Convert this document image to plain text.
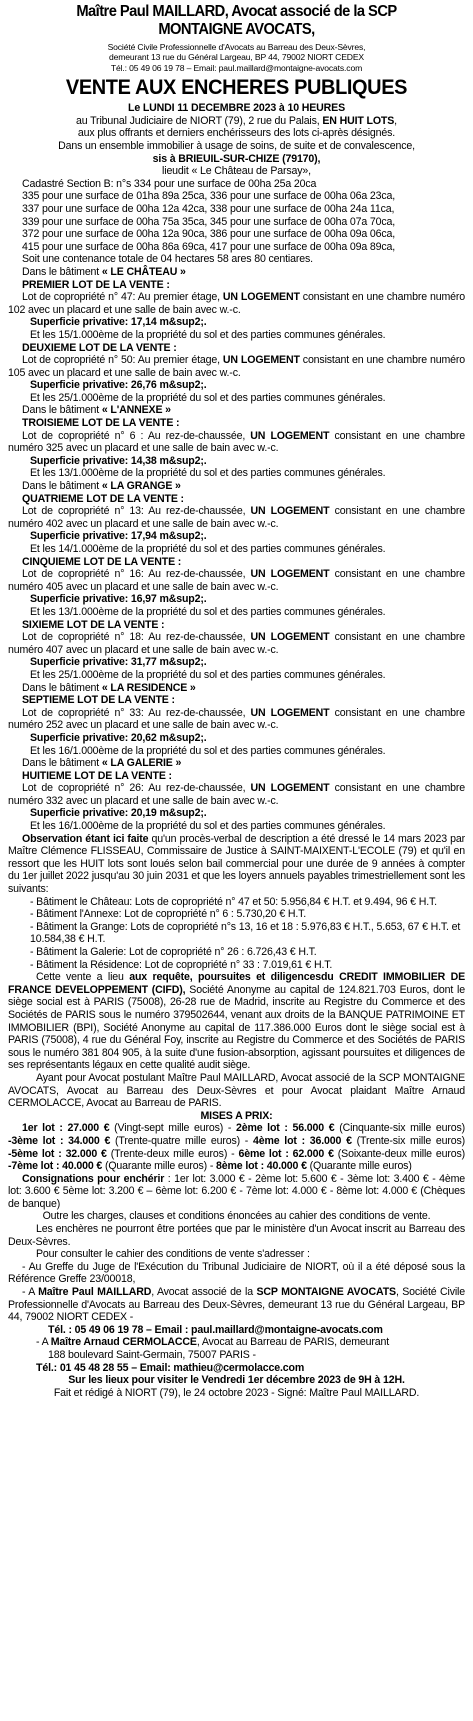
Maître Paul MAILLARD, Avocat associé de la SCP
MONTAIGNE AVOCATS,
Société Civile Professionnelle d'Avocats au Barreau des Deux-Sèvres,
demeurant 13 rue du Général Largeau, BP 44, 79002 NIORT CEDEX
Tél.: 05 49 06 19 78 – Email: paul.maillard@montaigne-avocats.com
VENTE AUX ENCHERES PUBLIQUES
Le LUNDI 11 DECEMBRE 2023 à 10 HEURES
au Tribunal Judiciaire de NIORT (79), 2 rue du Palais, EN HUIT LOTS,
aux plus offrants et derniers enchérisseurs des lots ci-après désignés.
Dans un ensemble immobilier à usage de soins, de suite et de convalescence,
sis à BRIEUIL-SUR-CHIZE (79170),
lieudit « Le Château de Parsay»,
Cadastré Section B: n°s 334 pour une surface de 00ha 25a 20ca
335 pour une surface de 01ha 89a 25ca, 336 pour une surface de 00ha 06a 23ca,
337 pour une surface de 00ha 12a 42ca, 338 pour une surface de 00ha 24a 11ca,
339 pour une surface de 00ha 75a 35ca, 345 pour une surface de 00ha 07a 70ca,
372 pour une surface de 00ha 12a 90ca, 386 pour une surface de 00ha 09a 06ca,
415 pour une surface de 00ha 86a 69ca, 417 pour une surface de 00ha 09a 89ca,
Soit une contenance totale de 04 hectares 58 ares 80 centiares.
Dans le bâtiment « LE CHÂTEAU »
PREMIER LOT DE LA VENTE :
Lot de copropriété n° 47: Au premier étage, UN LOGEMENT consistant en une chambre numéro 102 avec un placard et une salle de bain avec w.-c.
Superficie privative: 17,14 m&sup2;.
Et les 15/1.000ème de la propriété du sol et des parties communes générales.
DEUXIEME LOT DE LA VENTE :
Lot de copropriété n° 50: Au premier étage, UN LOGEMENT consistant en une chambre numéro 105 avec un placard et une salle de bain avec w.-c.
Superficie privative: 26,76 m&sup2;.
Et les 25/1.000ème de la propriété du sol et des parties communes générales.
Dans le bâtiment « L'ANNEXE »
TROISIEME LOT DE LA VENTE :
Lot de copropriété n° 6 : Au rez-de-chaussée, UN LOGEMENT consistant en une chambre numéro 325 avec un placard et une salle de bain avec w.-c.
Superficie privative: 14,38 m&sup2;.
Et les 13/1.000ème de la propriété du sol et des parties communes générales.
Dans le bâtiment « LA GRANGE »
QUATRIEME LOT DE LA VENTE :
Lot de copropriété n° 13: Au rez-de-chaussée, UN LOGEMENT consistant en une chambre numéro 402 avec un placard et une salle de bain avec w.-c.
Superficie privative: 17,94 m&sup2;.
Et les 14/1.000ème de la propriété du sol et des parties communes générales.
CINQUIEME LOT DE LA VENTE :
Lot de copropriété n° 16: Au rez-de-chaussée, UN LOGEMENT consistant en une chambre numéro 405 avec un placard et une salle de bain avec w.-c.
Superficie privative: 16,97 m&sup2;.
Et les 13/1.000ème de la propriété du sol et des parties communes générales.
SIXIEME LOT DE LA VENTE :
Lot de copropriété n° 18: Au rez-de-chaussée, UN LOGEMENT consistant en une chambre numéro 407 avec un placard et une salle de bain avec w.-c.
Superficie privative: 31,77 m&sup2;.
Et les 25/1.000ème de la propriété du sol et des parties communes générales.
Dans le bâtiment « LA RESIDENCE »
SEPTIEME LOT DE LA VENTE :
Lot de copropriété n° 33: Au rez-de-chaussée, UN LOGEMENT consistant en une chambre numéro 252 avec un placard et une salle de bain avec w.-c.
Superficie privative: 20,62 m&sup2;.
Et les 16/1.000ème de la propriété du sol et des parties communes générales.
Dans le bâtiment « LA GALERIE »
HUITIEME LOT DE LA VENTE :
Lot de copropriété n° 26: Au rez-de-chaussée, UN LOGEMENT consistant en une chambre numéro 332 avec un placard et une salle de bain avec w.-c.
Superficie privative: 20,19 m&sup2;.
Et les 16/1.000ème de la propriété du sol et des parties communes générales.
Observation étant ici faite qu'un procès-verbal de description a été dressé le 14 mars 2023 par Maître Clémence FLISSEAU, Commissaire de Justice à SAINT-MAIXENT-L'ECOLE (79) et qu'il en ressort que les HUIT lots sont loués selon bail commercial pour une durée de 9 années à compter du 1er juillet 2022 jusqu'au 30 juin 2031 et que les loyers annuels payables trimestriellement sont les suivants:
- Bâtiment le Château: Lots de copropriété n° 47 et 50: 5.956,84 € H.T. et 9.494, 96 € H.T.
- Bâtiment l'Annexe: Lot de copropriété n° 6 : 5.730,20 € H.T.
- Bâtiment la Grange: Lots de copropriété n°s 13, 16 et 18 : 5.976,83 € H.T., 5.653, 67 € H.T. et 10.584,38 € H.T.
- Bâtiment la Galerie: Lot de copropriété n° 26 : 6.726,43 € H.T.
- Bâtiment la Résidence: Lot de copropriété n° 33 : 7.019,61 € H.T.
Cette vente a lieu aux requête, poursuites et diligencesdu CREDIT IMMOBILIER DE FRANCE DEVELOPPEMENT (CIFD), Société Anonyme au capital de 124.821.703 Euros, dont le siège social est à PARIS (75008), 26-28 rue de Madrid, inscrite au Registre du Commerce et des Sociétés de PARIS sous le numéro 379502644, venant aux droits de la BANQUE PATRIMOINE ET IMMOBILIER (BPI), Société Anonyme au capital de 117.386.000 Euros dont le siège social est à PARIS (75008), 4 rue du Général Foy, inscrite au Registre du Commerce et des Sociétés de PARIS sous le numéro 381 804 905, à la suite d'une fusion-absorption, agissant poursuites et diligences de ses représentants légaux en cette qualité audit siège.
Ayant pour Avocat postulant Maître Paul MAILLARD, Avocat associé de la SCP MONTAIGNE AVOCATS, Avocat au Barreau des Deux-Sèvres et pour Avocat plaidant Maître Arnaud CERMOLACCE, Avocat au Barreau de PARIS.
MISES A PRIX:
1er lot : 27.000 € (Vingt-sept mille euros) - 2ème lot : 56.000 € (Cinquante-six mille euros) -3ème lot : 34.000 € (Trente-quatre mille euros) - 4ème lot : 36.000 € (Trente-six mille euros) -5ème lot : 32.000 € (Trente-deux mille euros) - 6ème lot : 62.000 € (Soixante-deux mille euros) -7ème lot : 40.000 € (Quarante mille euros) - 8ème lot : 40.000 € (Quarante mille euros)
Consignations pour enchérir : 1er lot: 3.000 € - 2ème lot: 5.600 € - 3ème lot: 3.400 € - 4ème lot: 3.600 € 5ème lot: 3.200 € – 6ème lot: 6.200 € - 7ème lot: 4.000 € - 8ème lot: 4.000 € (Chèques de banque)
Outre les charges, clauses et conditions énoncées au cahier des conditions de vente.
Les enchères ne pourront être portées que par le ministère d'un Avocat inscrit au Barreau des Deux-Sèvres.
Pour consulter le cahier des conditions de vente s'adresser :
- Au Greffe du Juge de l'Exécution du Tribunal Judiciaire de NIORT, où il a été déposé sous la Référence Greffe 23/00018,
- A Maître Paul MAILLARD, Avocat associé de la SCP MONTAIGNE AVOCATS, Société Civile Professionnelle d'Avocats au Barreau des Deux-Sèvres, demeurant 13 rue du Général Largeau, BP 44, 79002 NIORT CEDEX -
Tél. : 05 49 06 19 78 – Email : paul.maillard@montaigne-avocats.com
- A Maître Arnaud CERMOLACCE, Avocat au Barreau de PARIS, demeurant
188 boulevard Saint-Germain, 75007 PARIS -
Tél.: 01 45 48 28 55 – Email: mathieu@cermolacce.com
Sur les lieux pour visiter le Vendredi 1er décembre 2023 de 9H à 12H.
Fait et rédigé à NIORT (79), le 24 octobre 2023 - Signé: Maître Paul MAILLARD.
